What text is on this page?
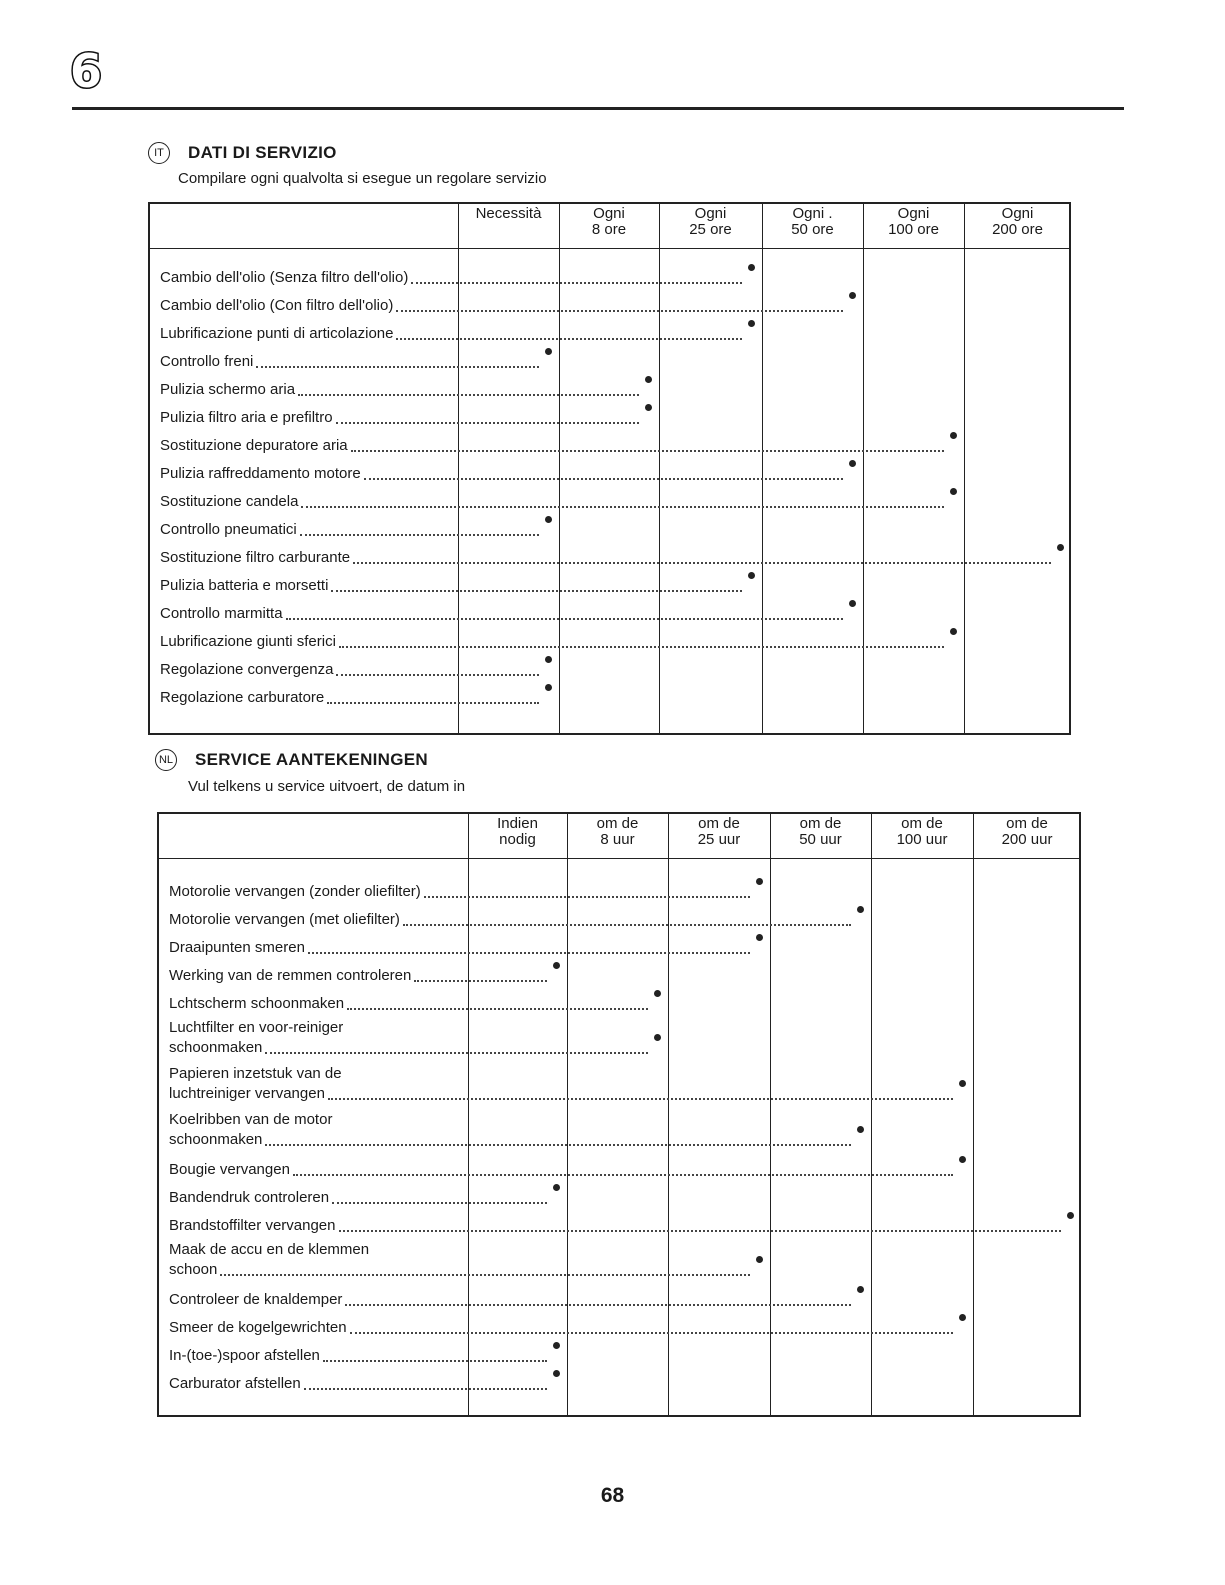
6
IT	DATI DI SERVIZIO
Compilare ogni qualvolta si esegue un regolare servizio
Necessità	Ogni
8 ore
Ogni
25 ore
Ogni .
50 ore
Ogni
100 ore
Ogni
200 ore
Cambio dell'olio (Senza filtro dell'olio)
Cambio dell'olio (Con filtro dell'olio)
Lubrificazione punti di articolazione
Controllo freni
Pulizia schermo aria
Pulizia filtro aria e prefiltro
Sostituzione depuratore aria
Pulizia raffreddamento motore
Sostituzione candela
Controllo pneumatici
Sostituzione filtro carburante
Pulizia batteria e morsetti
Controllo marmitta
Lubrificazione giunti sferici
Regolazione convergenza
Regolazione carburatore
NL SERVICE AANTEKENINGEN
Vul telkens u service uitvoert, de datum in
Indien
nodig
om de
8 uur
om de
25 uur
om de
50 uur
om de
100 uur
om de
200 uur
Motorolie vervangen (zonder oliefilter)
Motorolie vervangen (met oliefilter)
Draaipunten smeren
Werking van de remmen controleren
Lchtscherm schoonmaken
Luchtfilter en voor-reiniger
schoonmaken
Papieren inzetstuk van de
luchtreiniger vervangen
Koelribben van de motor
schoonmaken
Bougie vervangen
Bandendruk controleren
Brandstoffilter vervangen
Maak de accu en de klemmen
schoon
Controleer de knaldemper
Smeer de kogelgewrichten
In-(toe-)spoor afstellen
Carburator afstellen
68
